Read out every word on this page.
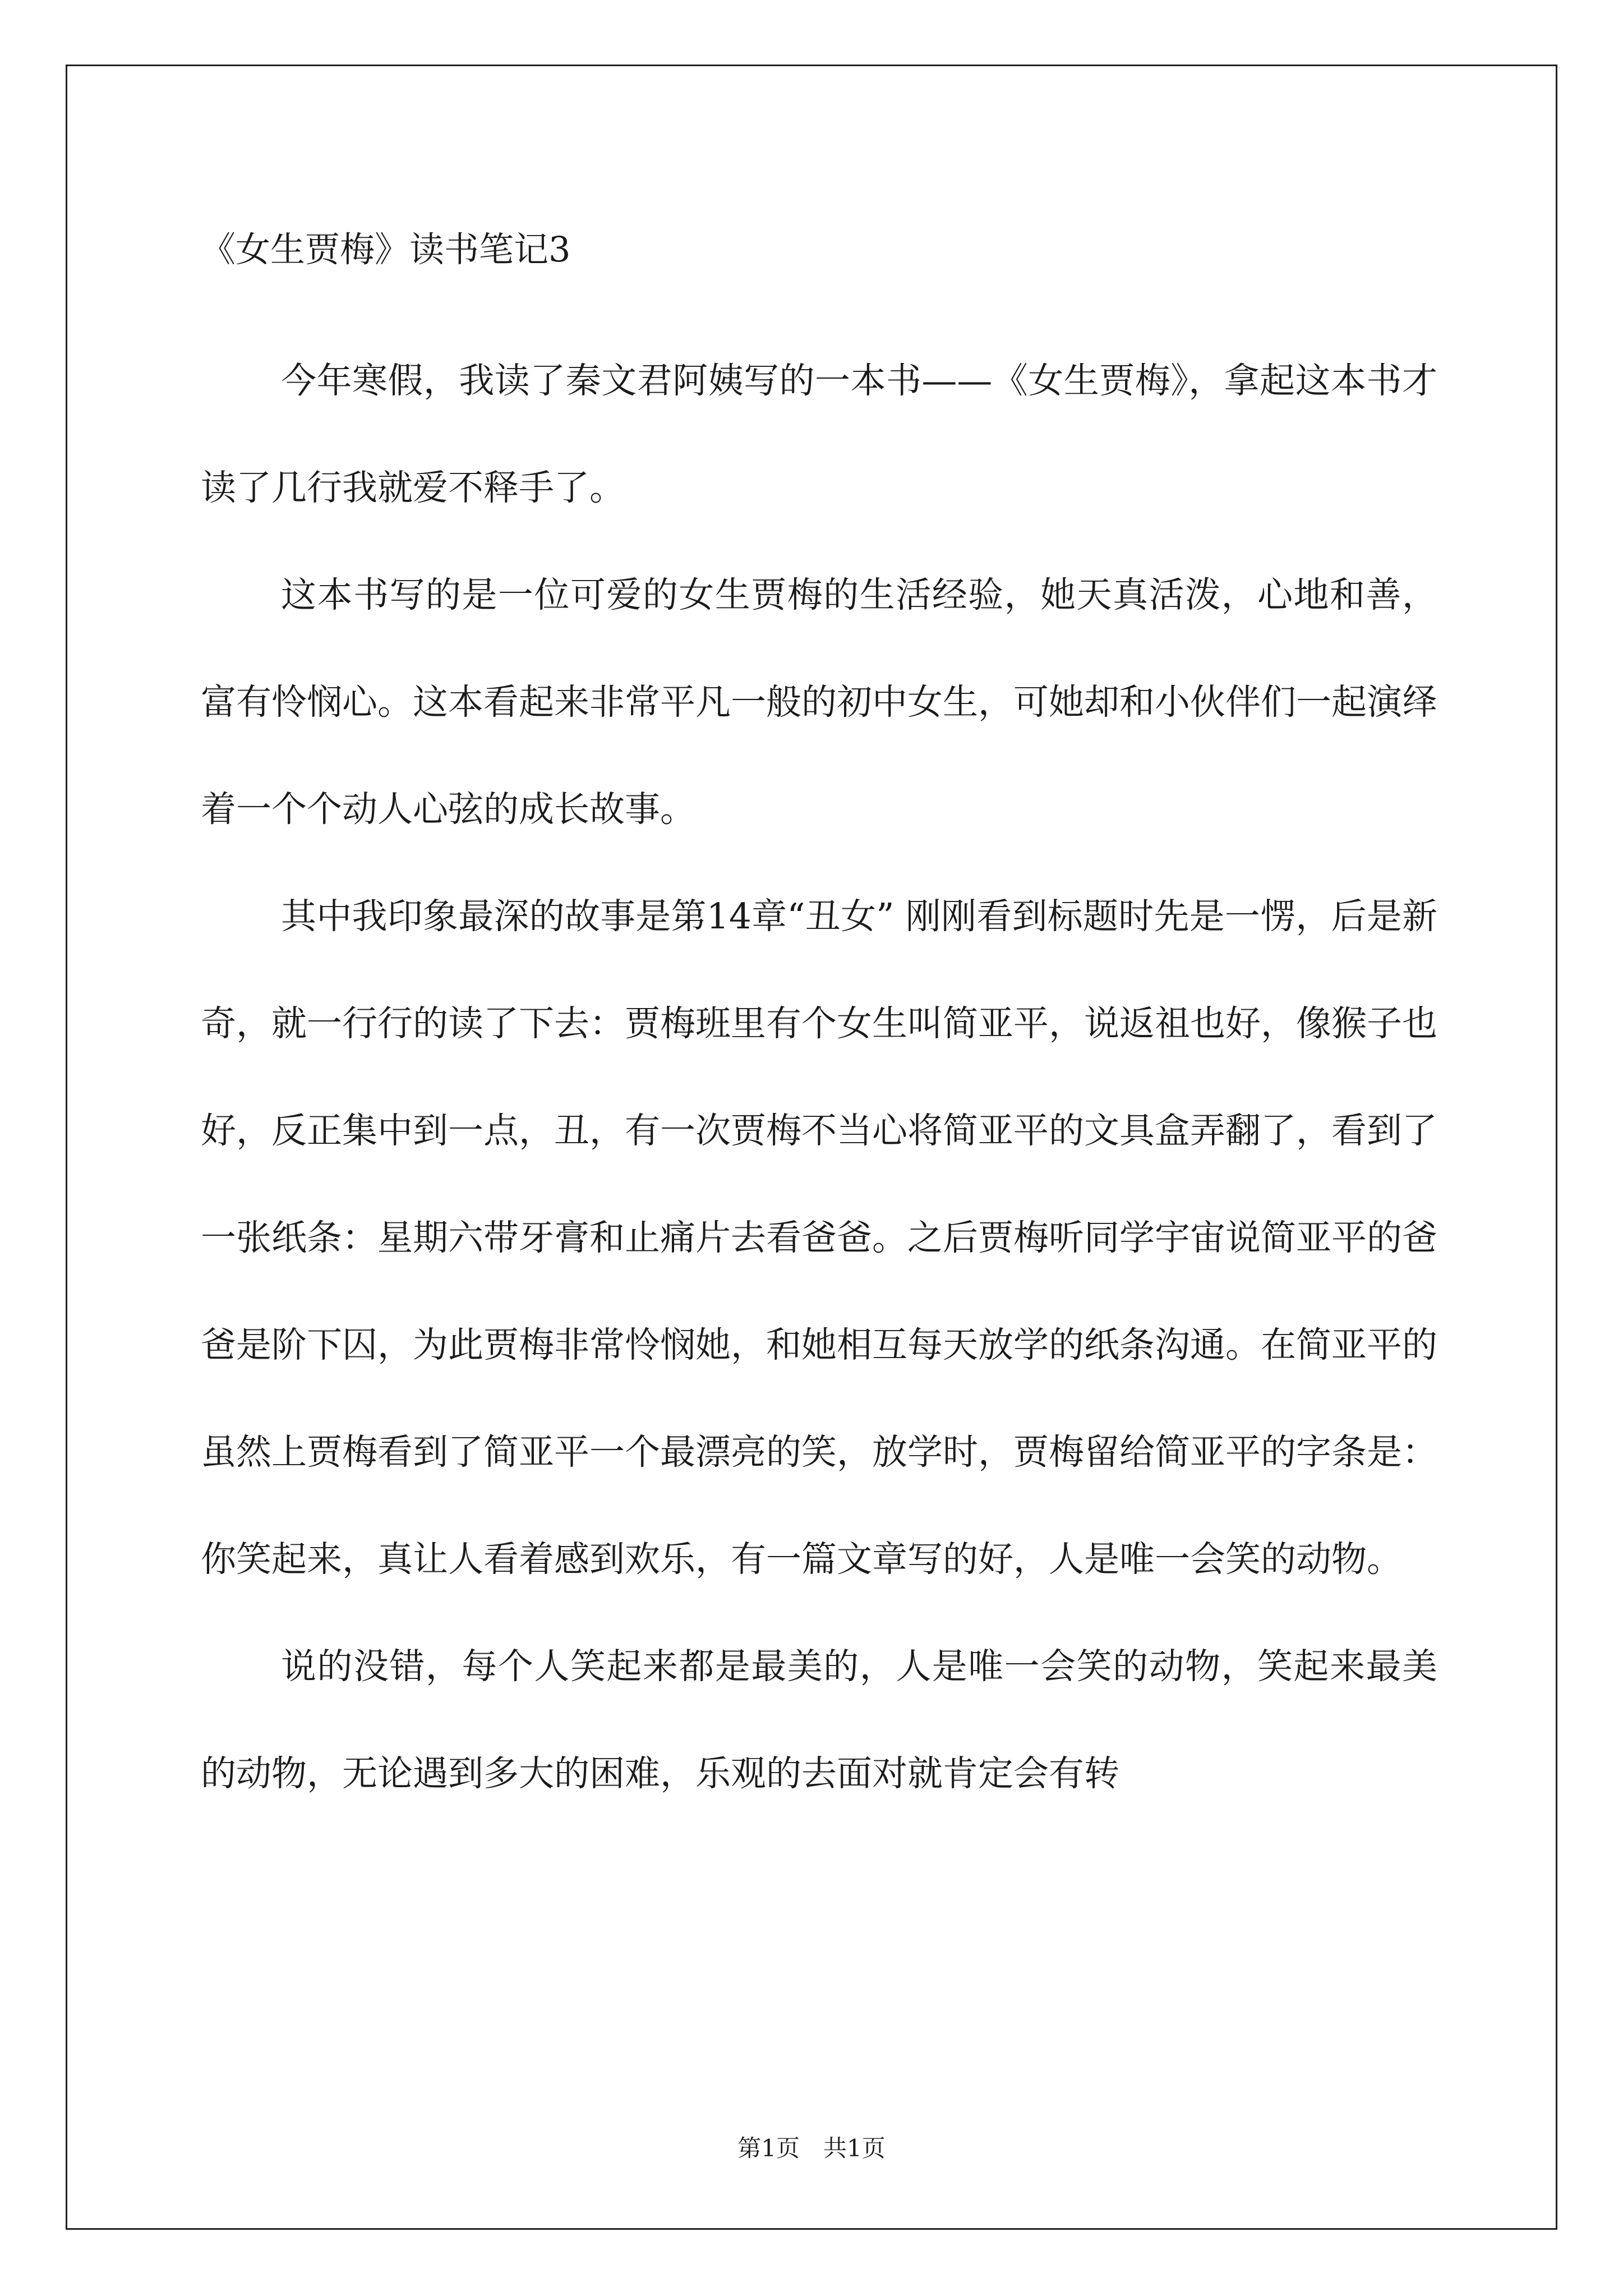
《女生贾梅》读书笔记3

今年寒假，我读了秦文君阿姨写的一本书——《女生贾梅》，拿起这本书才读了几行我就爱不释手了。

这本书写的是一位可爱的女生贾梅的生活经验，她天真活泼，心地和善，富有怜悯心。这本看起来非常平凡一般的初中女生，可她却和小伙伴们一起演绎着一个个动人心弦的成长故事。

其中我印象最深的故事是第14章“丑女” 刚刚看到标题时先是一愣，后是新奇，就一行行的读了下去：贾梅班里有个女生叫简亚平，说返祖也好，像猴子也好，反正集中到一点，丑，有一次贾梅不当心将简亚平的文具盒弄翻了，看到了一张纸条：星期六带牙膏和止痛片去看爸爸。之后贾梅听同学宇宙说简亚平的爸爸是阶下囚，为此贾梅非常怜悯她，和她相互每天放学的纸条沟通。在简亚平的虽然上贾梅看到了简亚平一个最漂亮的笑，放学时，贾梅留给简亚平的字条是：你笑起来，真让人看着感到欢乐，有一篇文章写的好，人是唯一会笑的动物。

说的没错，每个人笑起来都是最美的，人是唯一会笑的动物，笑起来最美的动物，无论遇到多大的困难，乐观的去面对就肯定会有转

第1页　共1页
